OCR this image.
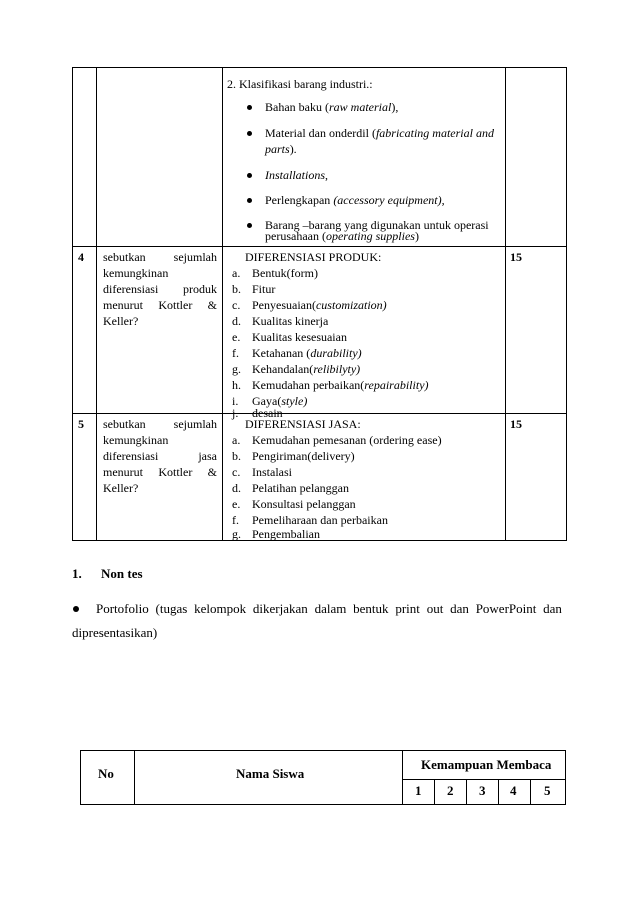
2. Klasifikasi barang industri.:
Bahan baku (raw material),
Material dan onderdil (fabricating material and
parts).
Installations,
Perlengkapan (accessory equipment),
Barang –barang yang digunakan untuk operasi
perusahaan (operating supplies)
4 sebutkan sejumlah
kemungkinan
diferensiasi produk
menurut Kottler &
Keller?
DIFERENSIASI PRODUK:
a. Bentuk(form)
b. Fitur
c. Penyesuaian(customization)
d. Kualitas kinerja
e. Kualitas kesesuaian
f. Ketahanan (durability)
g. Kehandalan(relibilyty)
h. Kemudahan perbaikan(repairability)
i. Gaya(style)
j. desain
15
5 sebutkan sejumlah
kemungkinan
diferensiasi	jasa
menurut Kottler &
Keller?
DIFERENSIASI JASA:
a. Kemudahan pemesanan (ordering ease)
b. Pengiriman(delivery)
c. Instalasi
d. Pelatihan pelanggan
e. Konsultasi pelanggan
f. Pemeliharaan dan perbaikan
g. Pengembalian
15
1. Non tes
Portofolio (tugas kelompok dikerjakan dalam bentuk print out dan PowerPoint dan
dipresentasikan)
No	Nama Siswa
Kemampuan Membaca
1 2 3 4 5
